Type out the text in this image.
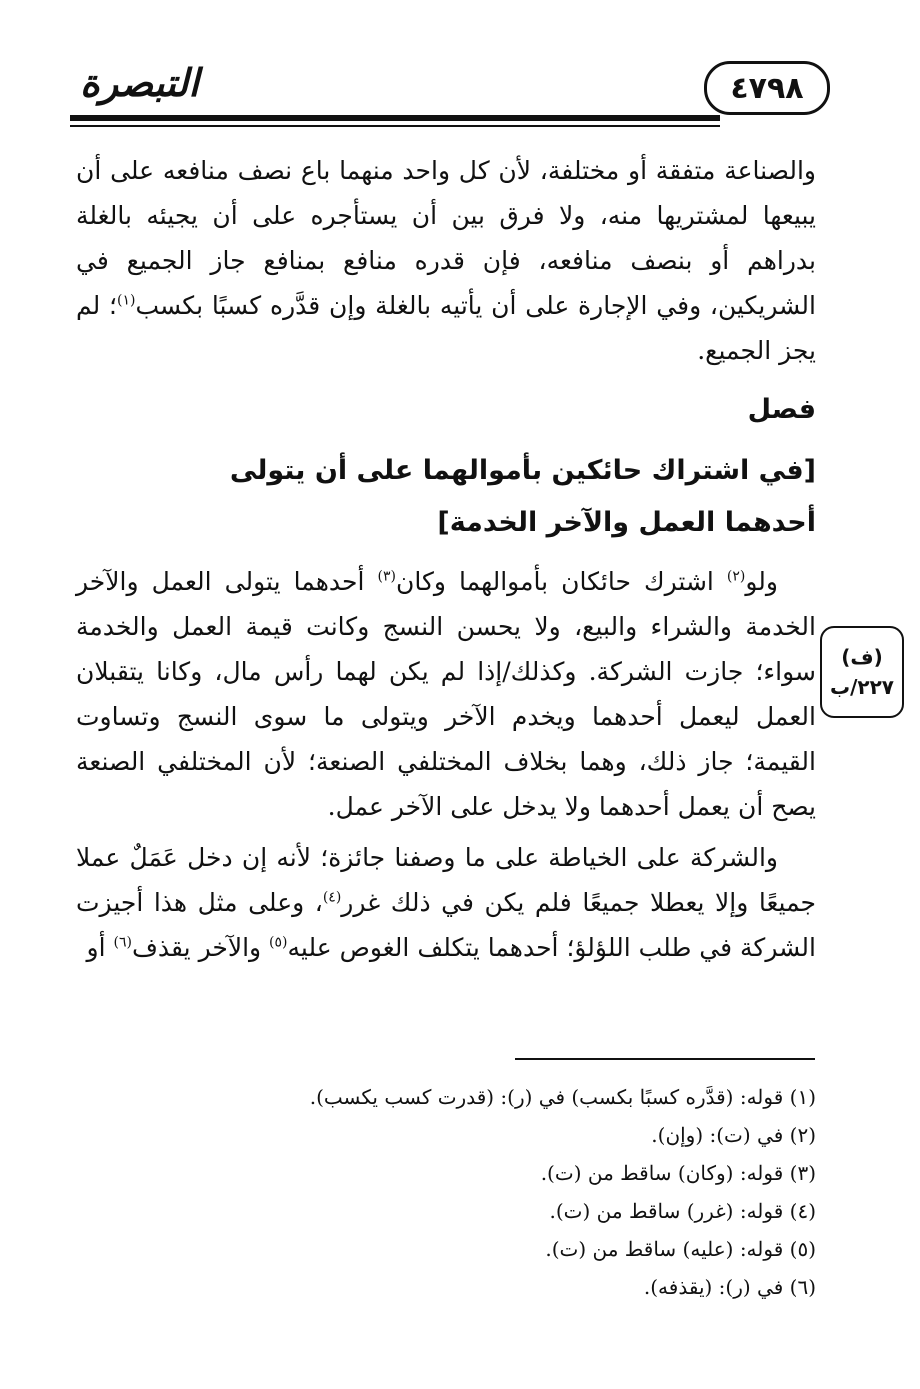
التبصرة	٤٧٩٨

والصناعة متفقة أو مختلفة، لأن كل واحد منهما باع نصف منافعه على أن يبيعها لمشتريها منه، ولا فرق بين أن يستأجره على أن يجيئه بالغلة بدراهم أو بنصف منافعه، فإن قدره منافع بمنافع جاز الجميع في الشريكين، وفي الإجارة على أن يأتيه بالغلة وإن قدَّره كسبًا بكسب$^{(١)}$؛ لم يجز الجميع.

فصل
[في اشتراك حائكين بأموالهما على أن يتولى
أحدهما العمل والآخر الخدمة]

ولو$^{(٢)}$ اشترك حائكان بأموالهما وكان$^{(٣)}$ أحدهما يتولى العمل والآخر الخدمة والشراء والبيع، ولا يحسن النسج وكانت قيمة العمل والخدمة سواء؛ جازت الشركة. وكذلك/إذا لم يكن لهما رأس مال، وكانا يتقبلان العمل ليعمل أحدهما ويخدم الآخر ويتولى ما سوى النسج وتساوت القيمة؛ جاز ذلك، وهما بخلاف المختلفي الصنعة؛ لأن المختلفي الصنعة يصح أن يعمل أحدهما ولا يدخل على الآخر عمل.

والشركة على الخياطة على ما وصفنا جائزة؛ لأنه إن دخل عَمَلٌ عملا جميعًا وإلا يعطلا جميعًا فلم يكن في ذلك غرر$^{(٤)}$، وعلى مثل هذا أجيزت الشركة في طلب اللؤلؤ؛ أحدهما يتكلف الغوص عليه$^{(٥)}$ والآخر يقذف$^{(٦)}$ أو

(ف)
٢٢٧/ب

(١) قوله: (قدَّره كسبًا بكسب) في (ر): (قدرت كسب يكسب).

(٢) في (ت): (وإن).

(٣) قوله: (وكان) ساقط من (ت).

(٤) قوله: (غرر) ساقط من (ت).

(٥) قوله: (عليه) ساقط من (ت).

(٦) في (ر): (يقذفه).
